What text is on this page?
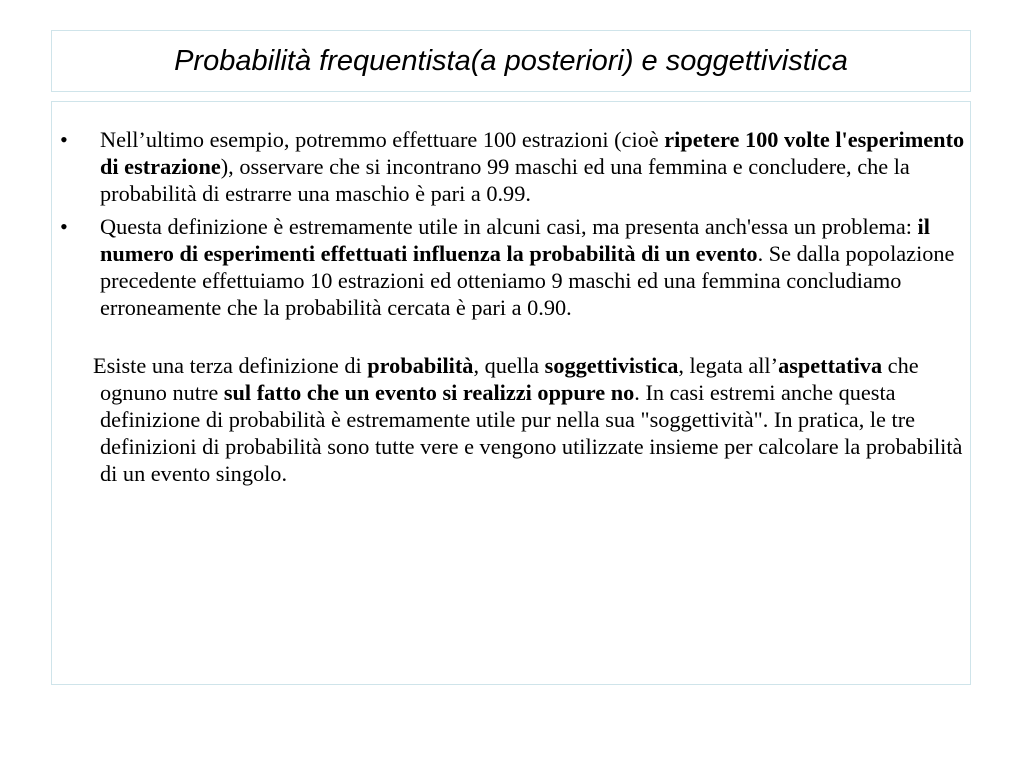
Probabilità frequentista(a posteriori) e soggettivistica

• Nell’ultimo esempio, potremmo effettuare 100 estrazioni (cioè ripetere 100 volte l'esperimento di estrazione), osservare che si incontrano 99 maschi ed una femmina e concludere, che la probabilità di estrarre una maschio è pari a 0.99.

• Questa definizione è estremamente utile in alcuni casi, ma presenta anch'essa un problema: il numero di esperimenti effettuati influenza la probabilità di un evento. Se dalla popolazione precedente effettuiamo 10 estrazioni ed otteniamo 9 maschi ed una femmina concludiamo erroneamente che la probabilità cercata è pari a 0.90.

Esiste una terza definizione di probabilità, quella soggettivistica, legata all’aspettativa che ognuno nutre sul fatto che un evento si realizzi oppure no. In casi estremi anche questa definizione di probabilità è estremamente utile pur nella sua "soggettività". In pratica, le tre definizioni di probabilità sono tutte vere e vengono utilizzate insieme per calcolare la probabilità di un evento singolo.
